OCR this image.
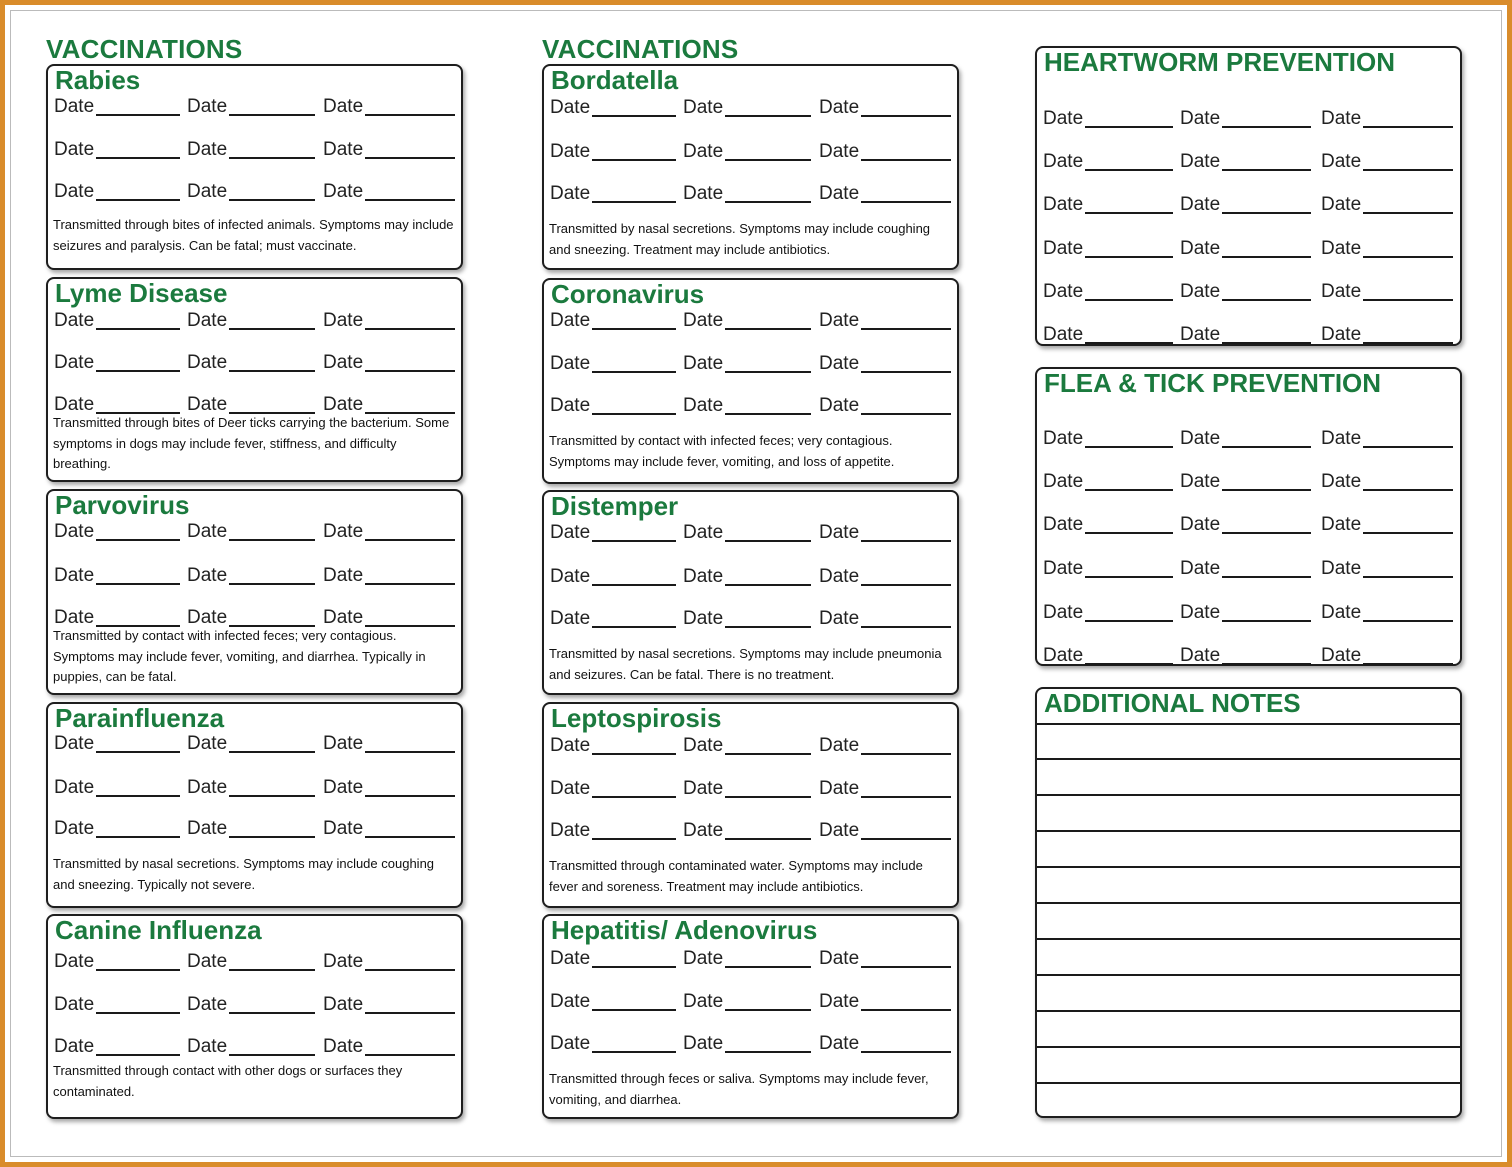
VACCINATIONS	VACCINATIONS
Rabies
Date	Date	Date
Date	Date	Date
Date	Date	Date
Transmitted through bites of infected animals. Symptoms may include seizures and paralysis. Can be fatal; must vaccinate.
Lyme Disease
Date	Date	Date
Date	Date	Date
Date	Date	Date
Transmitted through bites of Deer ticks carrying the bacterium. Some symptoms in dogs may include fever, stiffness, and difficulty breathing.
Parvovirus
Date	Date	Date
Date	Date	Date
Date	Date	Date
Transmitted by contact with infected feces; very contagious. Symptoms may include fever, vomiting, and diarrhea. Typically in puppies, can be fatal.
Parainfluenza
Date	Date	Date
Date	Date	Date
Date	Date	Date
Transmitted by nasal secretions. Symptoms may include coughing and sneezing. Typically not severe.
Canine Influenza
Date	Date	Date
Date	Date	Date
Date	Date	Date
Transmitted through contact with other dogs or surfaces they contaminated.
Bordatella
Date	Date	Date
Date	Date	Date
Date	Date	Date
Transmitted by nasal secretions. Symptoms may include coughing and sneezing. Treatment may include antibiotics.
Coronavirus
Date	Date	Date
Date	Date	Date
Date	Date	Date
Transmitted by contact with infected feces; very contagious. Symptoms may include fever, vomiting, and loss of appetite.
Distemper
Date	Date	Date
Date	Date	Date
Date	Date	Date
Transmitted by nasal secretions. Symptoms may include pneumonia and seizures. Can be fatal. There is no treatment.
Leptospirosis
Date	Date	Date
Date	Date	Date
Date	Date	Date
Transmitted through contaminated water. Symptoms may include fever and soreness. Treatment may include antibiotics.
Hepatitis/ Adenovirus
Date	Date	Date
Date	Date	Date
Date	Date	Date
Transmitted through feces or saliva. Symptoms may include fever, vomiting, and diarrhea.
HEARTWORM PREVENTION
Date	Date	Date
Date	Date	Date
Date	Date	Date
Date	Date	Date
Date	Date	Date
Date	Date	Date
FLEA & TICK PREVENTION
Date	Date	Date
Date	Date	Date
Date	Date	Date
Date	Date	Date
Date	Date	Date
Date	Date	Date
ADDITIONAL NOTES
